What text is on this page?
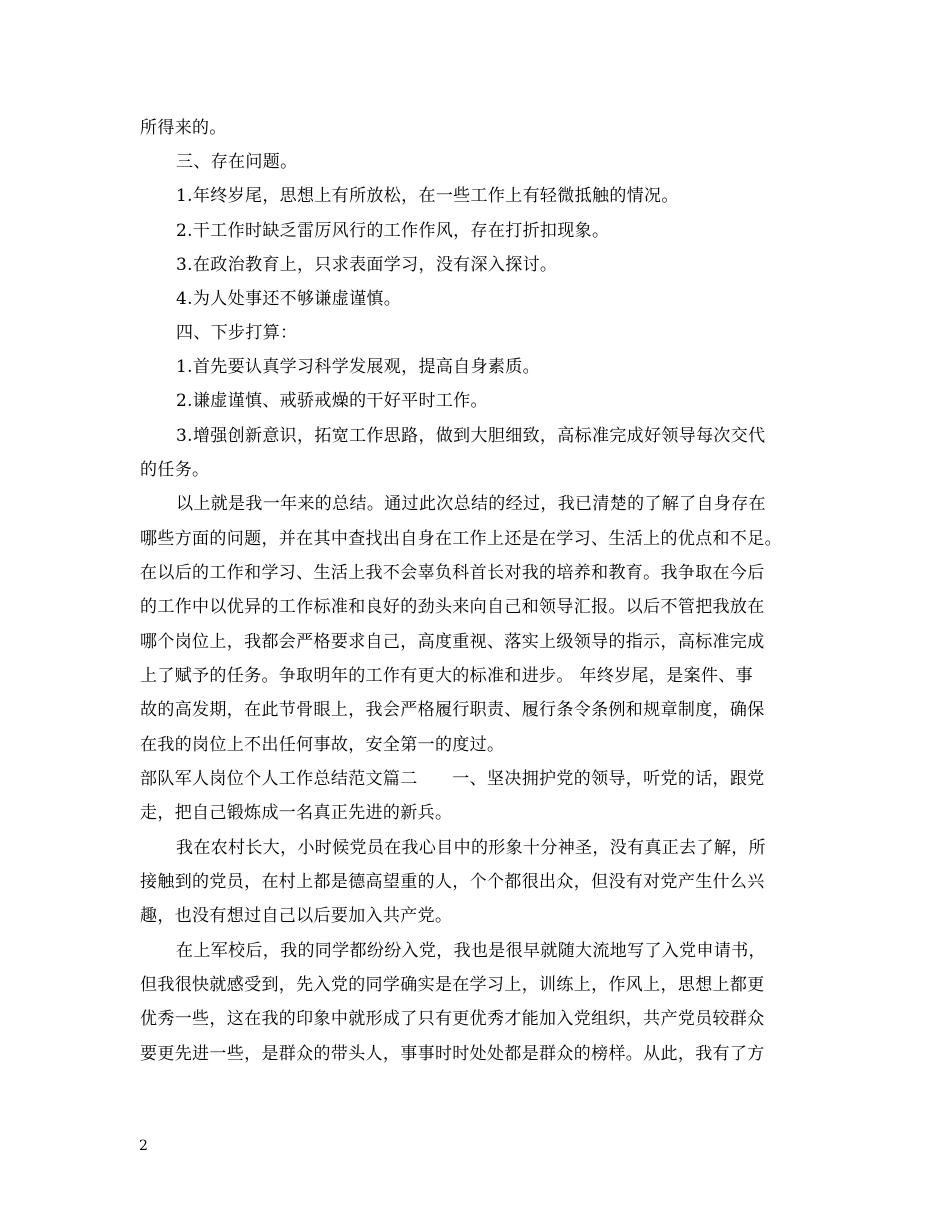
所得来的。
三、存在问题。
1.年终岁尾，思想上有所放松，在一些工作上有轻微抵触的情况。
2.干工作时缺乏雷厉风行的工作作风，存在打折扣现象。
3.在政治教育上，只求表面学习，没有深入探讨。
4.为人处事还不够谦虚谨慎。
四、下步打算：
1.首先要认真学习科学发展观，提高自身素质。
2.谦虚谨慎、戒骄戒燥的干好平时工作。
3.增强创新意识，拓宽工作思路，做到大胆细致，高标准完成好领导每次交代
的任务。
以上就是我一年来的总结。通过此次总结的经过，我已清楚的了解了自身存在
哪些方面的问题，并在其中查找出自身在工作上还是在学习、生活上的优点和不足。
在以后的工作和学习、生活上我不会辜负科首长对我的培养和教育。我争取在今后
的工作中以优异的工作标准和良好的劲头来向自己和领导汇报。以后不管把我放在
哪个岗位上，我都会严格要求自己，高度重视、落实上级领导的指示，高标准完成
上了赋予的任务。争取明年的工作有更大的标准和进步。 年终岁尾，是案件、事
故的高发期，在此节骨眼上，我会严格履行职责、履行条令条例和规章制度，确保
在我的岗位上不出任何事故，安全第一的度过。
部队军人岗位个人工作总结范文篇二　　一、坚决拥护党的领导，听党的话，跟党
走，把自己锻炼成一名真正先进的新兵。
我在农村长大，小时候党员在我心目中的形象十分神圣，没有真正去了解，所
接触到的党员，在村上都是德高望重的人，个个都很出众，但没有对党产生什么兴
趣，也没有想过自己以后要加入共产党。
在上军校后，我的同学都纷纷入党，我也是很早就随大流地写了入党申请书，
但我很快就感受到，先入党的同学确实是在学习上，训练上，作风上，思想上都更
优秀一些，这在我的印象中就形成了只有更优秀才能加入党组织，共产党员较群众
要更先进一些，是群众的带头人，事事时时处处都是群众的榜样。从此，我有了方
2
